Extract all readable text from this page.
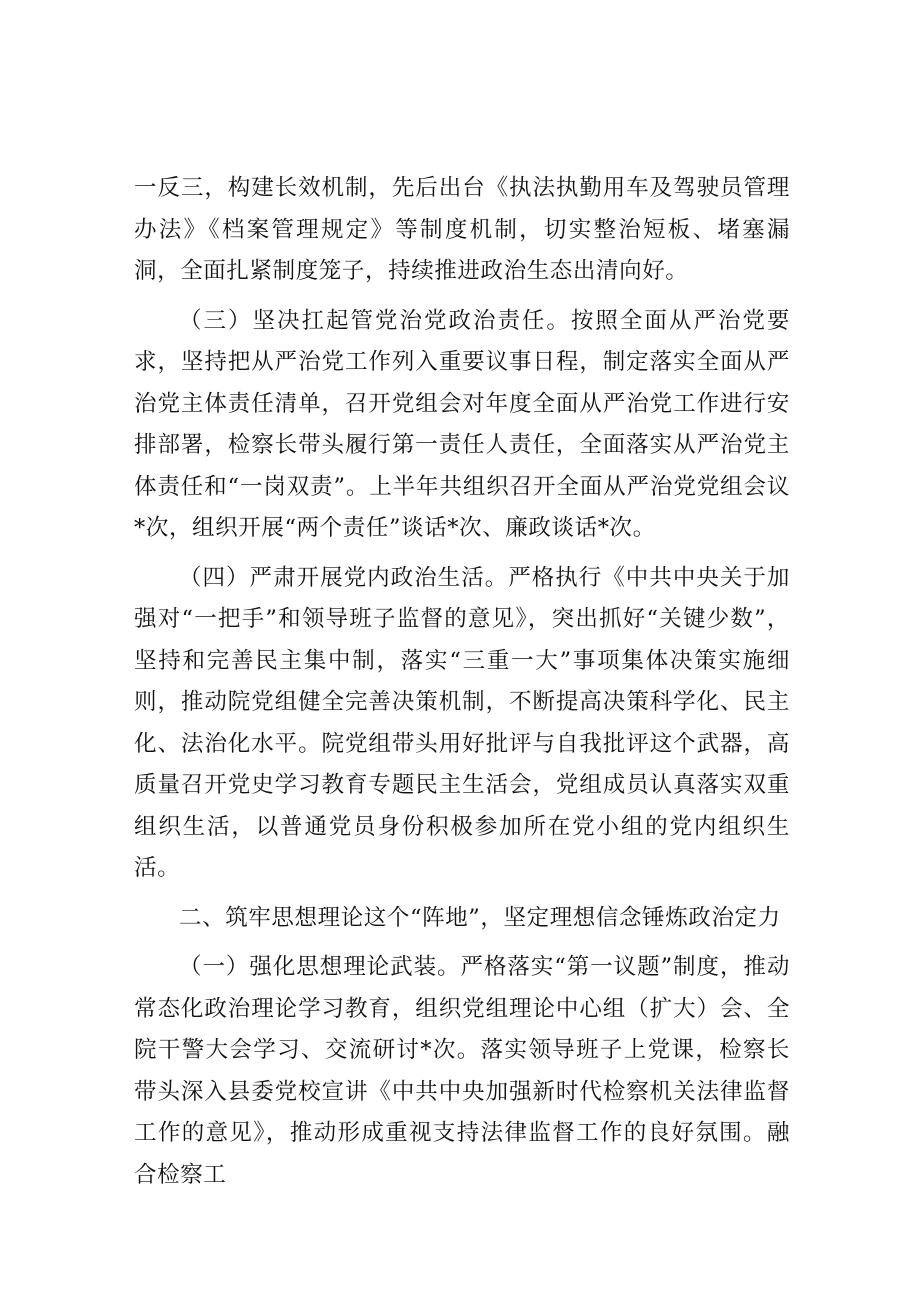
一反三，构建长效机制，先后出台《执法执勤用车及驾驶员管理办法》《档案管理规定》等制度机制，切实整治短板、堵塞漏洞，全面扎紧制度笼子，持续推进政治生态出清向好。

（三）坚决扛起管党治党政治责任。按照全面从严治党要求，坚持把从严治党工作列入重要议事日程，制定落实全面从严治党主体责任清单，召开党组会对年度全面从严治党工作进行安排部署，检察长带头履行第一责任人责任，全面落实从严治党主体责任和“一岗双责”。上半年共组织召开全面从严治党党组会议*次，组织开展“两个责任”谈话*次、廉政谈话*次。

（四）严肃开展党内政治生活。严格执行《中共中央关于加强对“一把手”和领导班子监督的意见》，突出抓好“关键少数”，坚持和完善民主集中制，落实“三重一大”事项集体决策实施细则，推动院党组健全完善决策机制，不断提高决策科学化、民主化、法治化水平。院党组带头用好批评与自我批评这个武器，高质量召开党史学习教育专题民主生活会，党组成员认真落实双重组织生活，以普通党员身份积极参加所在党小组的党内组织生活。

二、筑牢思想理论这个“阵地”，坚定理想信念锤炼政治定力

（一）强化思想理论武装。严格落实“第一议题”制度，推动常态化政治理论学习教育，组织党组理论中心组（扩大）会、全院干警大会学习、交流研讨*次。落实领导班子上党课，检察长带头深入县委党校宣讲《中共中央加强新时代检察机关法律监督工作的意见》，推动形成重视支持法律监督工作的良好氛围。融合检察工
